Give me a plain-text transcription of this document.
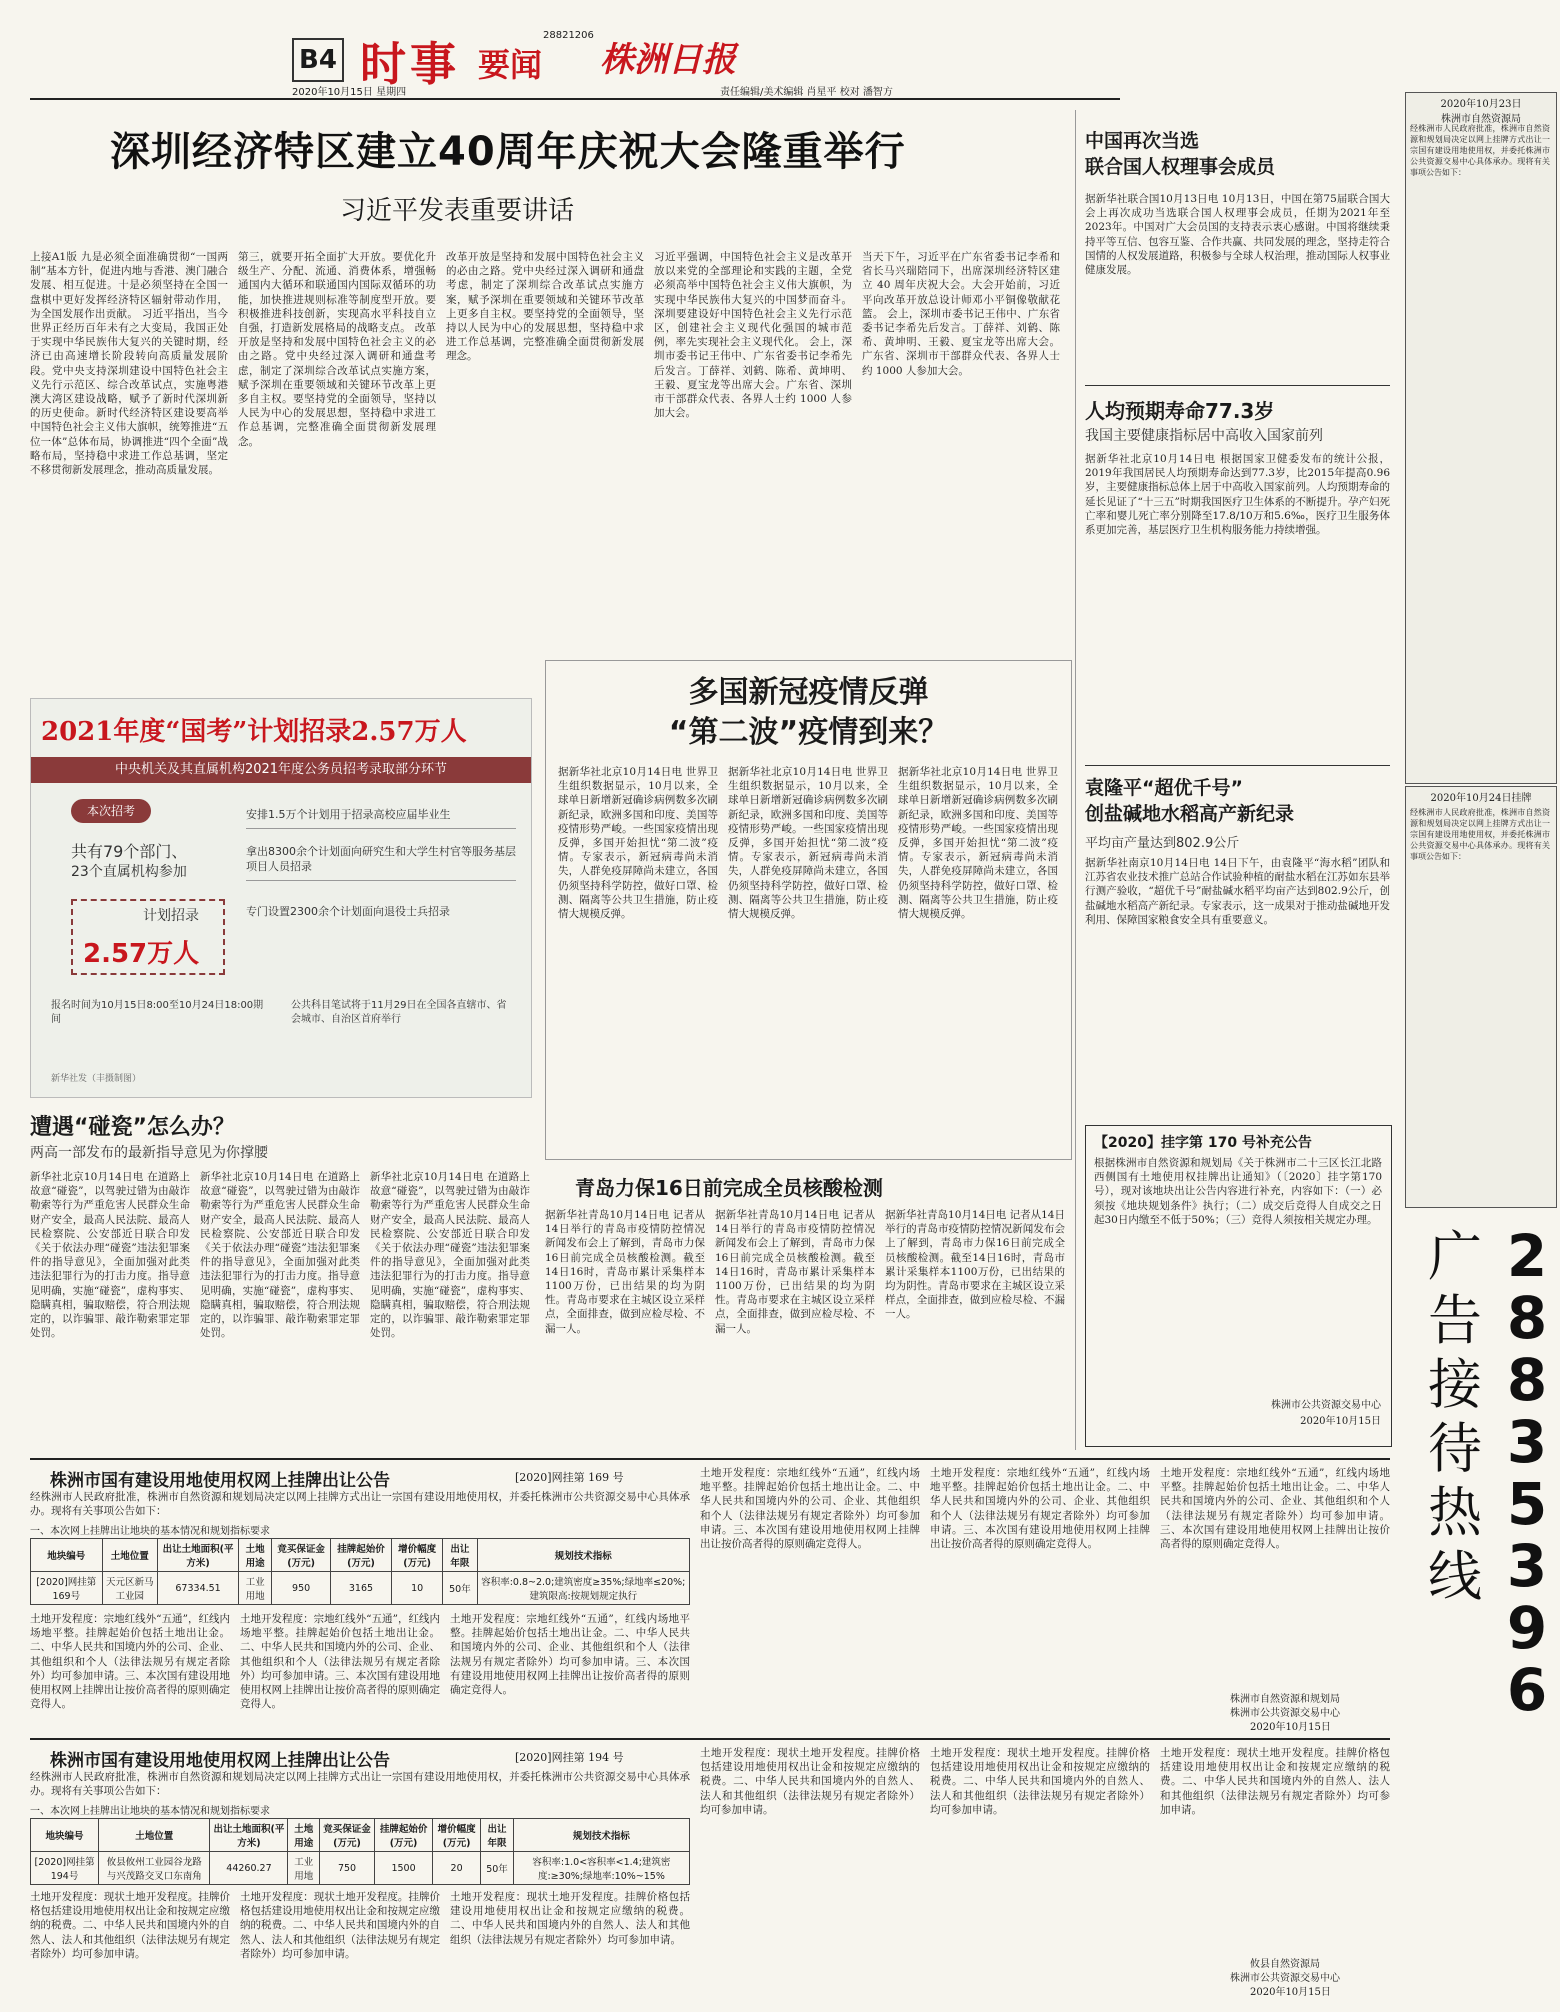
B4 时事 要闻
28821206
株洲日报
2020年10月15日 星期四	责任编辑/美术编辑 肖星平 校对 潘智方
深圳经济特区建立40周年庆祝大会隆重举行
习近平发表重要讲话
上接A1版 九是必须全面准确贯彻“一国两制”基本方针，促进内地与香港、澳门融合发展、相互促进。十是必须坚持在全国一盘棋中更好发挥经济特区辐射带动作用，为全国发展作出贡献。 习近平指出，当今世界正经历百年未有之大变局，我国正处于实现中华民族伟大复兴的关键时期，经济已由高速增长阶段转向高质量发展阶段。党中央支持深圳建设中国特色社会主义先行示范区、综合改革试点，实施粤港澳大湾区建设战略，赋予了新时代深圳新的历史使命。新时代经济特区建设要高举中国特色社会主义伟大旗帜，统筹推进“五位一体”总体布局，协调推进“四个全面”战略布局，坚持稳中求进工作总基调，坚定不移贯彻新发展理念，推动高质量发展。
第三，就要开拓全面扩大开放。要优化升级生产、分配、流通、消费体系，增强畅通国内大循环和联通国内国际双循环的功能，加快推进规则标准等制度型开放。要积极推进科技创新，实现高水平科技自立自强，打造新发展格局的战略支点。 改革开放是坚持和发展中国特色社会主义的必由之路。党中央经过深入调研和通盘考虑，制定了深圳综合改革试点实施方案，赋予深圳在重要领域和关键环节改革上更多自主权。要坚持党的全面领导，坚持以人民为中心的发展思想，坚持稳中求进工作总基调，完整准确全面贯彻新发展理念。
改革开放是坚持和发展中国特色社会主义的必由之路。党中央经过深入调研和通盘考虑，制定了深圳综合改革试点实施方案，赋予深圳在重要领域和关键环节改革上更多自主权。要坚持党的全面领导，坚持以人民为中心的发展思想，坚持稳中求进工作总基调，完整准确全面贯彻新发展理念。
习近平强调，中国特色社会主义是改革开放以来党的全部理论和实践的主题，全党必须高举中国特色社会主义伟大旗帜，为实现中华民族伟大复兴的中国梦而奋斗。深圳要建设好中国特色社会主义先行示范区，创建社会主义现代化强国的城市范例，率先实现社会主义现代化。 会上，深圳市委书记王伟中、广东省委书记李希先后发言。丁薛祥、刘鹤、陈希、黄坤明、王毅、夏宝龙等出席大会。广东省、深圳市干部群众代表、各界人士约 1000 人参加大会。
当天下午，习近平在广东省委书记李希和省长马兴瑞陪同下，出席深圳经济特区建立 40 周年庆祝大会。大会开始前，习近平向改革开放总设计师邓小平铜像敬献花篮。 会上，深圳市委书记王伟中、广东省委书记李希先后发言。丁薛祥、刘鹤、陈希、黄坤明、王毅、夏宝龙等出席大会。广东省、深圳市干部群众代表、各界人士约 1000 人参加大会。
2021年度“国考”计划招录2.57万人
中央机关及其直属机构2021年度公务员招考录取部分环节
本次招考
共有79个部门、
23个直属机构参加
计划招录
2.57万人
安排1.5万个计划用于招录高校应届毕业生
拿出8300余个计划面向研究生和大学生村官等服务基层项目人员招录
专门设置2300余个计划面向退役士兵招录
报名时间为10月15日8:00至10月24日18:00期间
公共科目笔试将于11月29日在全国各直辖市、省会城市、自治区首府举行
新华社发（丰摄制图）
遭遇“碰瓷”怎么办？
两高一部发布的最新指导意见为你撑腰
新华社北京10月14日电 在道路上故意“碰瓷”，以驾驶过错为由敲诈勒索等行为严重危害人民群众生命财产安全，最高人民法院、最高人民检察院、公安部近日联合印发《关于依法办理“碰瓷”违法犯罪案件的指导意见》，全面加强对此类违法犯罪行为的打击力度。指导意见明确，实施“碰瓷”，虚构事实、隐瞒真相，骗取赔偿，符合刑法规定的，以诈骗罪、敲诈勒索罪定罪处罚。
新华社北京10月14日电 在道路上故意“碰瓷”，以驾驶过错为由敲诈勒索等行为严重危害人民群众生命财产安全，最高人民法院、最高人民检察院、公安部近日联合印发《关于依法办理“碰瓷”违法犯罪案件的指导意见》，全面加强对此类违法犯罪行为的打击力度。指导意见明确，实施“碰瓷”，虚构事实、隐瞒真相，骗取赔偿，符合刑法规定的，以诈骗罪、敲诈勒索罪定罪处罚。
新华社北京10月14日电 在道路上故意“碰瓷”，以驾驶过错为由敲诈勒索等行为严重危害人民群众生命财产安全，最高人民法院、最高人民检察院、公安部近日联合印发《关于依法办理“碰瓷”违法犯罪案件的指导意见》，全面加强对此类违法犯罪行为的打击力度。指导意见明确，实施“碰瓷”，虚构事实、隐瞒真相，骗取赔偿，符合刑法规定的，以诈骗罪、敲诈勒索罪定罪处罚。
多国新冠疫情反弹
“第二波”疫情到来？
据新华社北京10月14日电 世界卫生组织数据显示，10月以来，全球单日新增新冠确诊病例数多次刷新纪录，欧洲多国和印度、美国等疫情形势严峻。一些国家疫情出现反弹，多国开始担忧“第二波”疫情。专家表示，新冠病毒尚未消失，人群免疫屏障尚未建立，各国仍须坚持科学防控，做好口罩、检测、隔离等公共卫生措施，防止疫情大规模反弹。
据新华社北京10月14日电 世界卫生组织数据显示，10月以来，全球单日新增新冠确诊病例数多次刷新纪录，欧洲多国和印度、美国等疫情形势严峻。一些国家疫情出现反弹，多国开始担忧“第二波”疫情。专家表示，新冠病毒尚未消失，人群免疫屏障尚未建立，各国仍须坚持科学防控，做好口罩、检测、隔离等公共卫生措施，防止疫情大规模反弹。
据新华社北京10月14日电 世界卫生组织数据显示，10月以来，全球单日新增新冠确诊病例数多次刷新纪录，欧洲多国和印度、美国等疫情形势严峻。一些国家疫情出现反弹，多国开始担忧“第二波”疫情。专家表示，新冠病毒尚未消失，人群免疫屏障尚未建立，各国仍须坚持科学防控，做好口罩、检测、隔离等公共卫生措施，防止疫情大规模反弹。
青岛力保16日前完成全员核酸检测
据新华社青岛10月14日电 记者从14日举行的青岛市疫情防控情况新闻发布会上了解到，青岛市力保16日前完成全员核酸检测。截至14日16时，青岛市累计采集样本1100万份，已出结果的均为阴性。青岛市要求在主城区设立采样点，全面排查，做到应检尽检、不漏一人。
据新华社青岛10月14日电 记者从14日举行的青岛市疫情防控情况新闻发布会上了解到，青岛市力保16日前完成全员核酸检测。截至14日16时，青岛市累计采集样本1100万份，已出结果的均为阴性。青岛市要求在主城区设立采样点，全面排查，做到应检尽检、不漏一人。
据新华社青岛10月14日电 记者从14日举行的青岛市疫情防控情况新闻发布会上了解到，青岛市力保16日前完成全员核酸检测。截至14日16时，青岛市累计采集样本1100万份，已出结果的均为阴性。青岛市要求在主城区设立采样点，全面排查，做到应检尽检、不漏一人。
中国再次当选
联合国人权理事会成员
据新华社联合国10月13日电 10月13日，中国在第75届联合国大会上再次成功当选联合国人权理事会成员，任期为2021年至2023年。中国对广大会员国的支持表示衷心感谢。中国将继续秉持平等互信、包容互鉴、合作共赢、共同发展的理念，坚持走符合国情的人权发展道路，积极参与全球人权治理，推动国际人权事业健康发展。
人均预期寿命77.3岁
我国主要健康指标居中高收入国家前列
据新华社北京10月14日电 根据国家卫健委发布的统计公报，2019年我国居民人均预期寿命达到77.3岁，比2015年提高0.96岁，主要健康指标总体上居于中高收入国家前列。人均预期寿命的延长见证了“十三五”时期我国医疗卫生体系的不断提升。孕产妇死亡率和婴儿死亡率分别降至17.8/10万和5.6‰，医疗卫生服务体系更加完善，基层医疗卫生机构服务能力持续增强。
袁隆平“超优千号”
创盐碱地水稻高产新纪录
平均亩产量达到802.9公斤
据新华社南京10月14日电 14日下午，由袁隆平“海水稻”团队和江苏省农业技术推广总站合作试验种植的耐盐水稻在江苏如东县举行测产验收，“超优千号”耐盐碱水稻平均亩产达到802.9公斤，创盐碱地水稻高产新纪录。专家表示，这一成果对于推动盐碱地开发利用、保障国家粮食安全具有重要意义。
【2020】挂字第 170 号补充公告
根据株洲市自然资源和规划局《关于株洲市二十三区长江北路西侧国有土地使用权挂牌出让通知》（〔2020〕挂字第170号），现对该地块出让公告内容进行补充，内容如下：（一）必须按《地块规划条件》执行；（二）成交后竞得人自成交之日起30日内缴至不低于50%；（三）竞得人须按相关规定办理。
株洲市公共资源交易中心
2020年10月15日
株洲市国有建设用地使用权网上挂牌出让公告	[2020]网挂第 169 号
经株洲市人民政府批准，株洲市自然资源和规划局决定以网上挂牌方式出让一宗国有建设用地使用权，并委托株洲市公共资源交易中心具体承办。现将有关事项公告如下：
一、本次网上挂牌出让地块的基本情况和规划指标要求
地块编号	土地位置	出让土地面积(平方米)	土地用途	竞买保证金(万元)	挂牌起始价(万元)	增价幅度(万元)	出让年限	规划技术指标
[2020]网挂第169号	天元区新马工业园	67334.51	工业用地	950	3165	10	50年	容积率:0.8~2.0;建筑密度≥35%;绿地率≤20%;建筑限高:按规划规定执行
土地开发程度：宗地红线外“五通”，红线内场地平整。挂牌起始价包括土地出让金。二、中华人民共和国境内外的公司、企业、其他组织和个人（法律法规另有规定者除外）均可参加申请。三、本次国有建设用地使用权网上挂牌出让按价高者得的原则确定竞得人。
土地开发程度：宗地红线外“五通”，红线内场地平整。挂牌起始价包括土地出让金。二、中华人民共和国境内外的公司、企业、其他组织和个人（法律法规另有规定者除外）均可参加申请。三、本次国有建设用地使用权网上挂牌出让按价高者得的原则确定竞得人。
土地开发程度：宗地红线外“五通”，红线内场地平整。挂牌起始价包括土地出让金。二、中华人民共和国境内外的公司、企业、其他组织和个人（法律法规另有规定者除外）均可参加申请。三、本次国有建设用地使用权网上挂牌出让按价高者得的原则确定竞得人。
土地开发程度：宗地红线外“五通”，红线内场地平整。挂牌起始价包括土地出让金。二、中华人民共和国境内外的公司、企业、其他组织和个人（法律法规另有规定者除外）均可参加申请。三、本次国有建设用地使用权网上挂牌出让按价高者得的原则确定竞得人。
土地开发程度：宗地红线外“五通”，红线内场地平整。挂牌起始价包括土地出让金。二、中华人民共和国境内外的公司、企业、其他组织和个人（法律法规另有规定者除外）均可参加申请。三、本次国有建设用地使用权网上挂牌出让按价高者得的原则确定竞得人。
土地开发程度：宗地红线外“五通”，红线内场地平整。挂牌起始价包括土地出让金。二、中华人民共和国境内外的公司、企业、其他组织和个人（法律法规另有规定者除外）均可参加申请。三、本次国有建设用地使用权网上挂牌出让按价高者得的原则确定竞得人。
株洲市自然资源和规划局
株洲市公共资源交易中心
2020年10月15日
株洲市国有建设用地使用权网上挂牌出让公告	[2020]网挂第 194 号
经株洲市人民政府批准，株洲市自然资源和规划局决定以网上挂牌方式出让一宗国有建设用地使用权，并委托株洲市公共资源交易中心具体承办。现将有关事项公告如下：
一、本次网上挂牌出让地块的基本情况和规划指标要求
地块编号	土地位置	出让土地面积(平方米)	土地用途	竞买保证金(万元)	挂牌起始价(万元)	增价幅度(万元)	出让年限	规划技术指标
[2020]网挂第194号	攸县攸州工业园谷龙路与兴茂路交叉口东南角	44260.27	工业用地	750	1500	20	50年	容积率:1.0<容积率<1.4;建筑密度:≥30%;绿地率:10%~15%
土地开发程度：现状土地开发程度。挂牌价格包括建设用地使用权出让金和按规定应缴纳的税费。二、中华人民共和国境内外的自然人、法人和其他组织（法律法规另有规定者除外）均可参加申请。
土地开发程度：现状土地开发程度。挂牌价格包括建设用地使用权出让金和按规定应缴纳的税费。二、中华人民共和国境内外的自然人、法人和其他组织（法律法规另有规定者除外）均可参加申请。
土地开发程度：现状土地开发程度。挂牌价格包括建设用地使用权出让金和按规定应缴纳的税费。二、中华人民共和国境内外的自然人、法人和其他组织（法律法规另有规定者除外）均可参加申请。
土地开发程度：现状土地开发程度。挂牌价格包括建设用地使用权出让金和按规定应缴纳的税费。二、中华人民共和国境内外的自然人、法人和其他组织（法律法规另有规定者除外）均可参加申请。
土地开发程度：现状土地开发程度。挂牌价格包括建设用地使用权出让金和按规定应缴纳的税费。二、中华人民共和国境内外的自然人、法人和其他组织（法律法规另有规定者除外）均可参加申请。
土地开发程度：现状土地开发程度。挂牌价格包括建设用地使用权出让金和按规定应缴纳的税费。二、中华人民共和国境内外的自然人、法人和其他组织（法律法规另有规定者除外）均可参加申请。
攸县自然资源局
株洲市公共资源交易中心
2020年10月15日
2020年10月23日
株洲市自然资源局
经株洲市人民政府批准，株洲市自然资源和规划局决定以网上挂牌方式出让一宗国有建设用地使用权，并委托株洲市公共资源交易中心具体承办。现将有关事项公告如下：
2020年10月24日挂牌
经株洲市人民政府批准，株洲市自然资源和规划局决定以网上挂牌方式出让一宗国有建设用地使用权，并委托株洲市公共资源交易中心具体承办。现将有关事项公告如下：
广告接待热线
28835396
